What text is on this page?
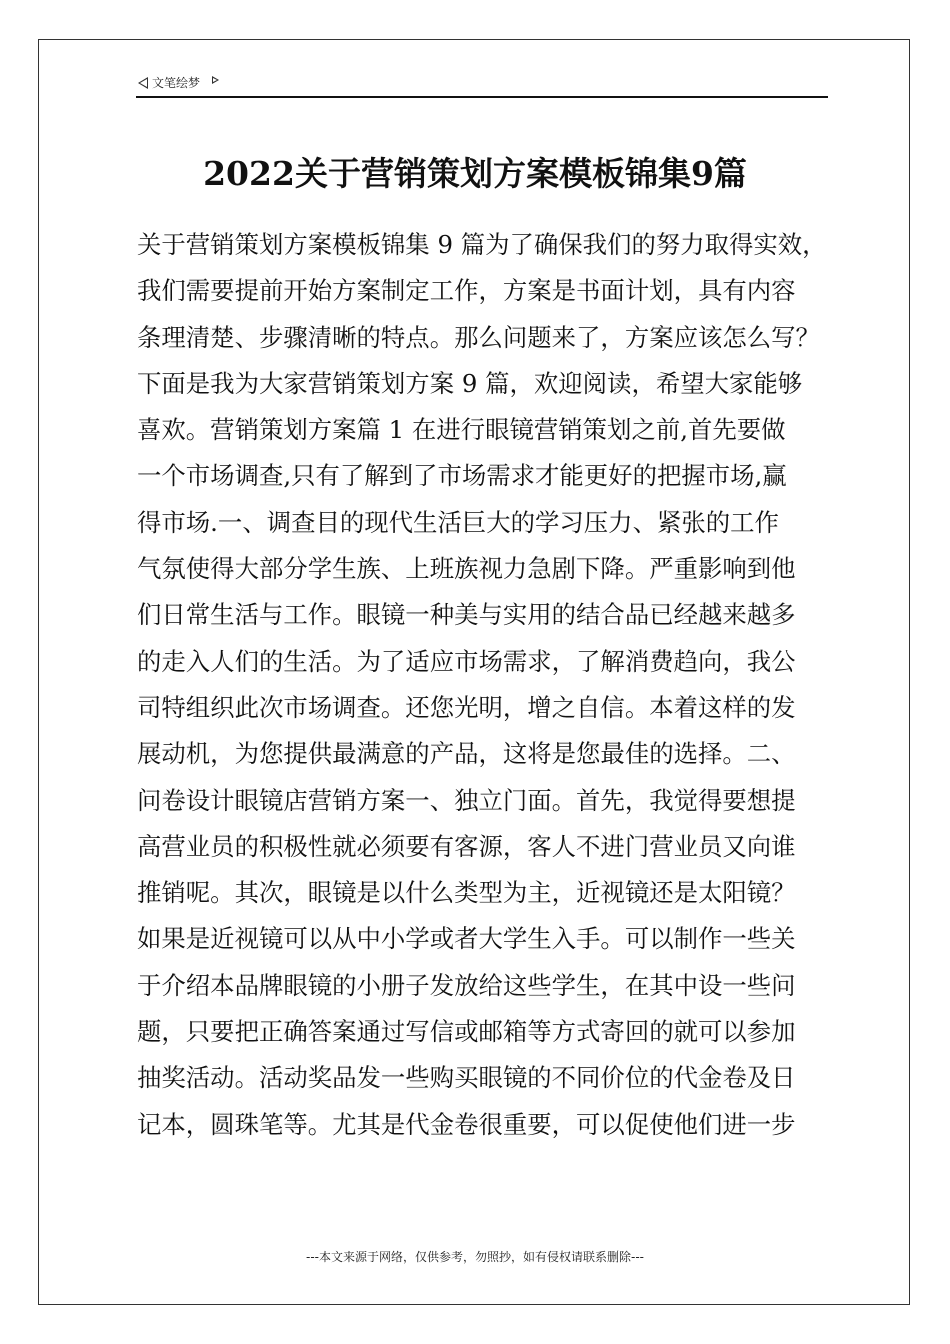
文笔绘梦
2022关于营销策划方案模板锦集9篇
关于营销策划方案模板锦集 9 篇为了确保我们的努力取得实效，
我们需要提前开始方案制定工作，方案是书面计划，具有内容
条理清楚、步骤清晰的特点。那么问题来了，方案应该怎么写？
下面是我为大家营销策划方案 9 篇，欢迎阅读，希望大家能够
喜欢。营销策划方案篇 1 在进行眼镜营销策划之前,首先要做
一个市场调查,只有了解到了市场需求才能更好的把握市场,赢
得市场.一、调查目的现代生活巨大的学习压力、紧张的工作
气氛使得大部分学生族、上班族视力急剧下降。严重影响到他
们日常生活与工作。眼镜一种美与实用的结合品已经越来越多
的走入人们的生活。为了适应市场需求，了解消费趋向，我公
司特组织此次市场调查。还您光明，增之自信。本着这样的发
展动机，为您提供最满意的产品，这将是您最佳的选择。二、
问卷设计眼镜店营销方案一、独立门面。首先，我觉得要想提
高营业员的积极性就必须要有客源，客人不进门营业员又向谁
推销呢。其次，眼镜是以什么类型为主，近视镜还是太阳镜？
如果是近视镜可以从中小学或者大学生入手。可以制作一些关
于介绍本品牌眼镜的小册子发放给这些学生，在其中设一些问
题，只要把正确答案通过写信或邮箱等方式寄回的就可以参加
抽奖活动。活动奖品发一些购买眼镜的不同价位的代金卷及日
记本，圆珠笔等。尤其是代金卷很重要，可以促使他们进一步
---本文来源于网络，仅供参考，勿照抄，如有侵权请联系删除---
